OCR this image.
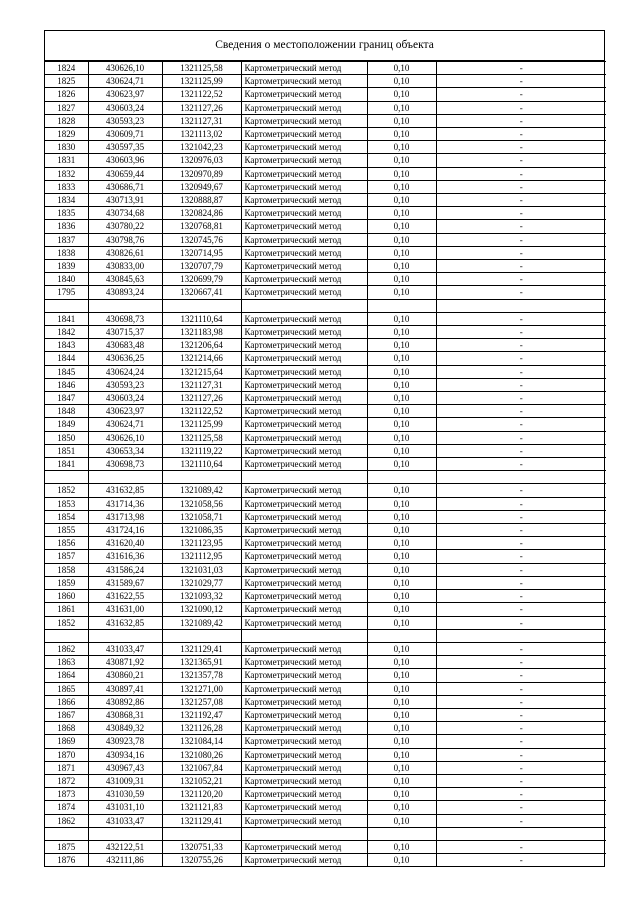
Сведения о местоположении границ объекта
1824	430626,10	1321125,58	Картометрический метод	0,10	-
1825	430624,71	1321125,99	Картометрический метод	0,10	-
1826	430623,97	1321122,52	Картометрический метод	0,10	-
1827	430603,24	1321127,26	Картометрический метод	0,10	-
1828	430593,23	1321127,31	Картометрический метод	0,10	-
1829	430609,71	1321113,02	Картометрический метод	0,10	-
1830	430597,35	1321042,23	Картометрический метод	0,10	-
1831	430603,96	1320976,03	Картометрический метод	0,10	-
1832	430659,44	1320970,89	Картометрический метод	0,10	-
1833	430686,71	1320949,67	Картометрический метод	0,10	-
1834	430713,91	1320888,87	Картометрический метод	0,10	-
1835	430734,68	1320824,86	Картометрический метод	0,10	-
1836	430780,22	1320768,81	Картометрический метод	0,10	-
1837	430798,76	1320745,76	Картометрический метод	0,10	-
1838	430826,61	1320714,95	Картометрический метод	0,10	-
1839	430833,00	1320707,79	Картометрический метод	0,10	-
1840	430845,63	1320699,79	Картометрический метод	0,10	-
1795	430893,24	1320667,41	Картометрический метод	0,10	-

1841	430698,73	1321110,64	Картометрический метод	0,10	-
1842	430715,37	1321183,98	Картометрический метод	0,10	-
1843	430683,48	1321206,64	Картометрический метод	0,10	-
1844	430636,25	1321214,66	Картометрический метод	0,10	-
1845	430624,24	1321215,64	Картометрический метод	0,10	-
1846	430593,23	1321127,31	Картометрический метод	0,10	-
1847	430603,24	1321127,26	Картометрический метод	0,10	-
1848	430623,97	1321122,52	Картометрический метод	0,10	-
1849	430624,71	1321125,99	Картометрический метод	0,10	-
1850	430626,10	1321125,58	Картометрический метод	0,10	-
1851	430653,34	1321119,22	Картометрический метод	0,10	-
1841	430698,73	1321110,64	Картометрический метод	0,10	-

1852	431632,85	1321089,42	Картометрический метод	0,10	-
1853	431714,36	1321058,56	Картометрический метод	0,10	-
1854	431713,98	1321058,71	Картометрический метод	0,10	-
1855	431724,16	1321086,35	Картометрический метод	0,10	-
1856	431620,40	1321123,95	Картометрический метод	0,10	-
1857	431616,36	1321112,95	Картометрический метод	0,10	-
1858	431586,24	1321031,03	Картометрический метод	0,10	-
1859	431589,67	1321029,77	Картометрический метод	0,10	-
1860	431622,55	1321093,32	Картометрический метод	0,10	-
1861	431631,00	1321090,12	Картометрический метод	0,10	-
1852	431632,85	1321089,42	Картометрический метод	0,10	-

1862	431033,47	1321129,41	Картометрический метод	0,10	-
1863	430871,92	1321365,91	Картометрический метод	0,10	-
1864	430860,21	1321357,78	Картометрический метод	0,10	-
1865	430897,41	1321271,00	Картометрический метод	0,10	-
1866	430892,86	1321257,08	Картометрический метод	0,10	-
1867	430868,31	1321192,47	Картометрический метод	0,10	-
1868	430849,32	1321126,28	Картометрический метод	0,10	-
1869	430923,78	1321084,14	Картометрический метод	0,10	-
1870	430934,16	1321080,26	Картометрический метод	0,10	-
1871	430967,43	1321067,84	Картометрический метод	0,10	-
1872	431009,31	1321052,21	Картометрический метод	0,10	-
1873	431030,59	1321120,20	Картометрический метод	0,10	-
1874	431031,10	1321121,83	Картометрический метод	0,10	-
1862	431033,47	1321129,41	Картометрический метод	0,10	-

1875	432122,51	1320751,33	Картометрический метод	0,10	-
1876	432111,86	1320755,26	Картометрический метод	0,10	-
